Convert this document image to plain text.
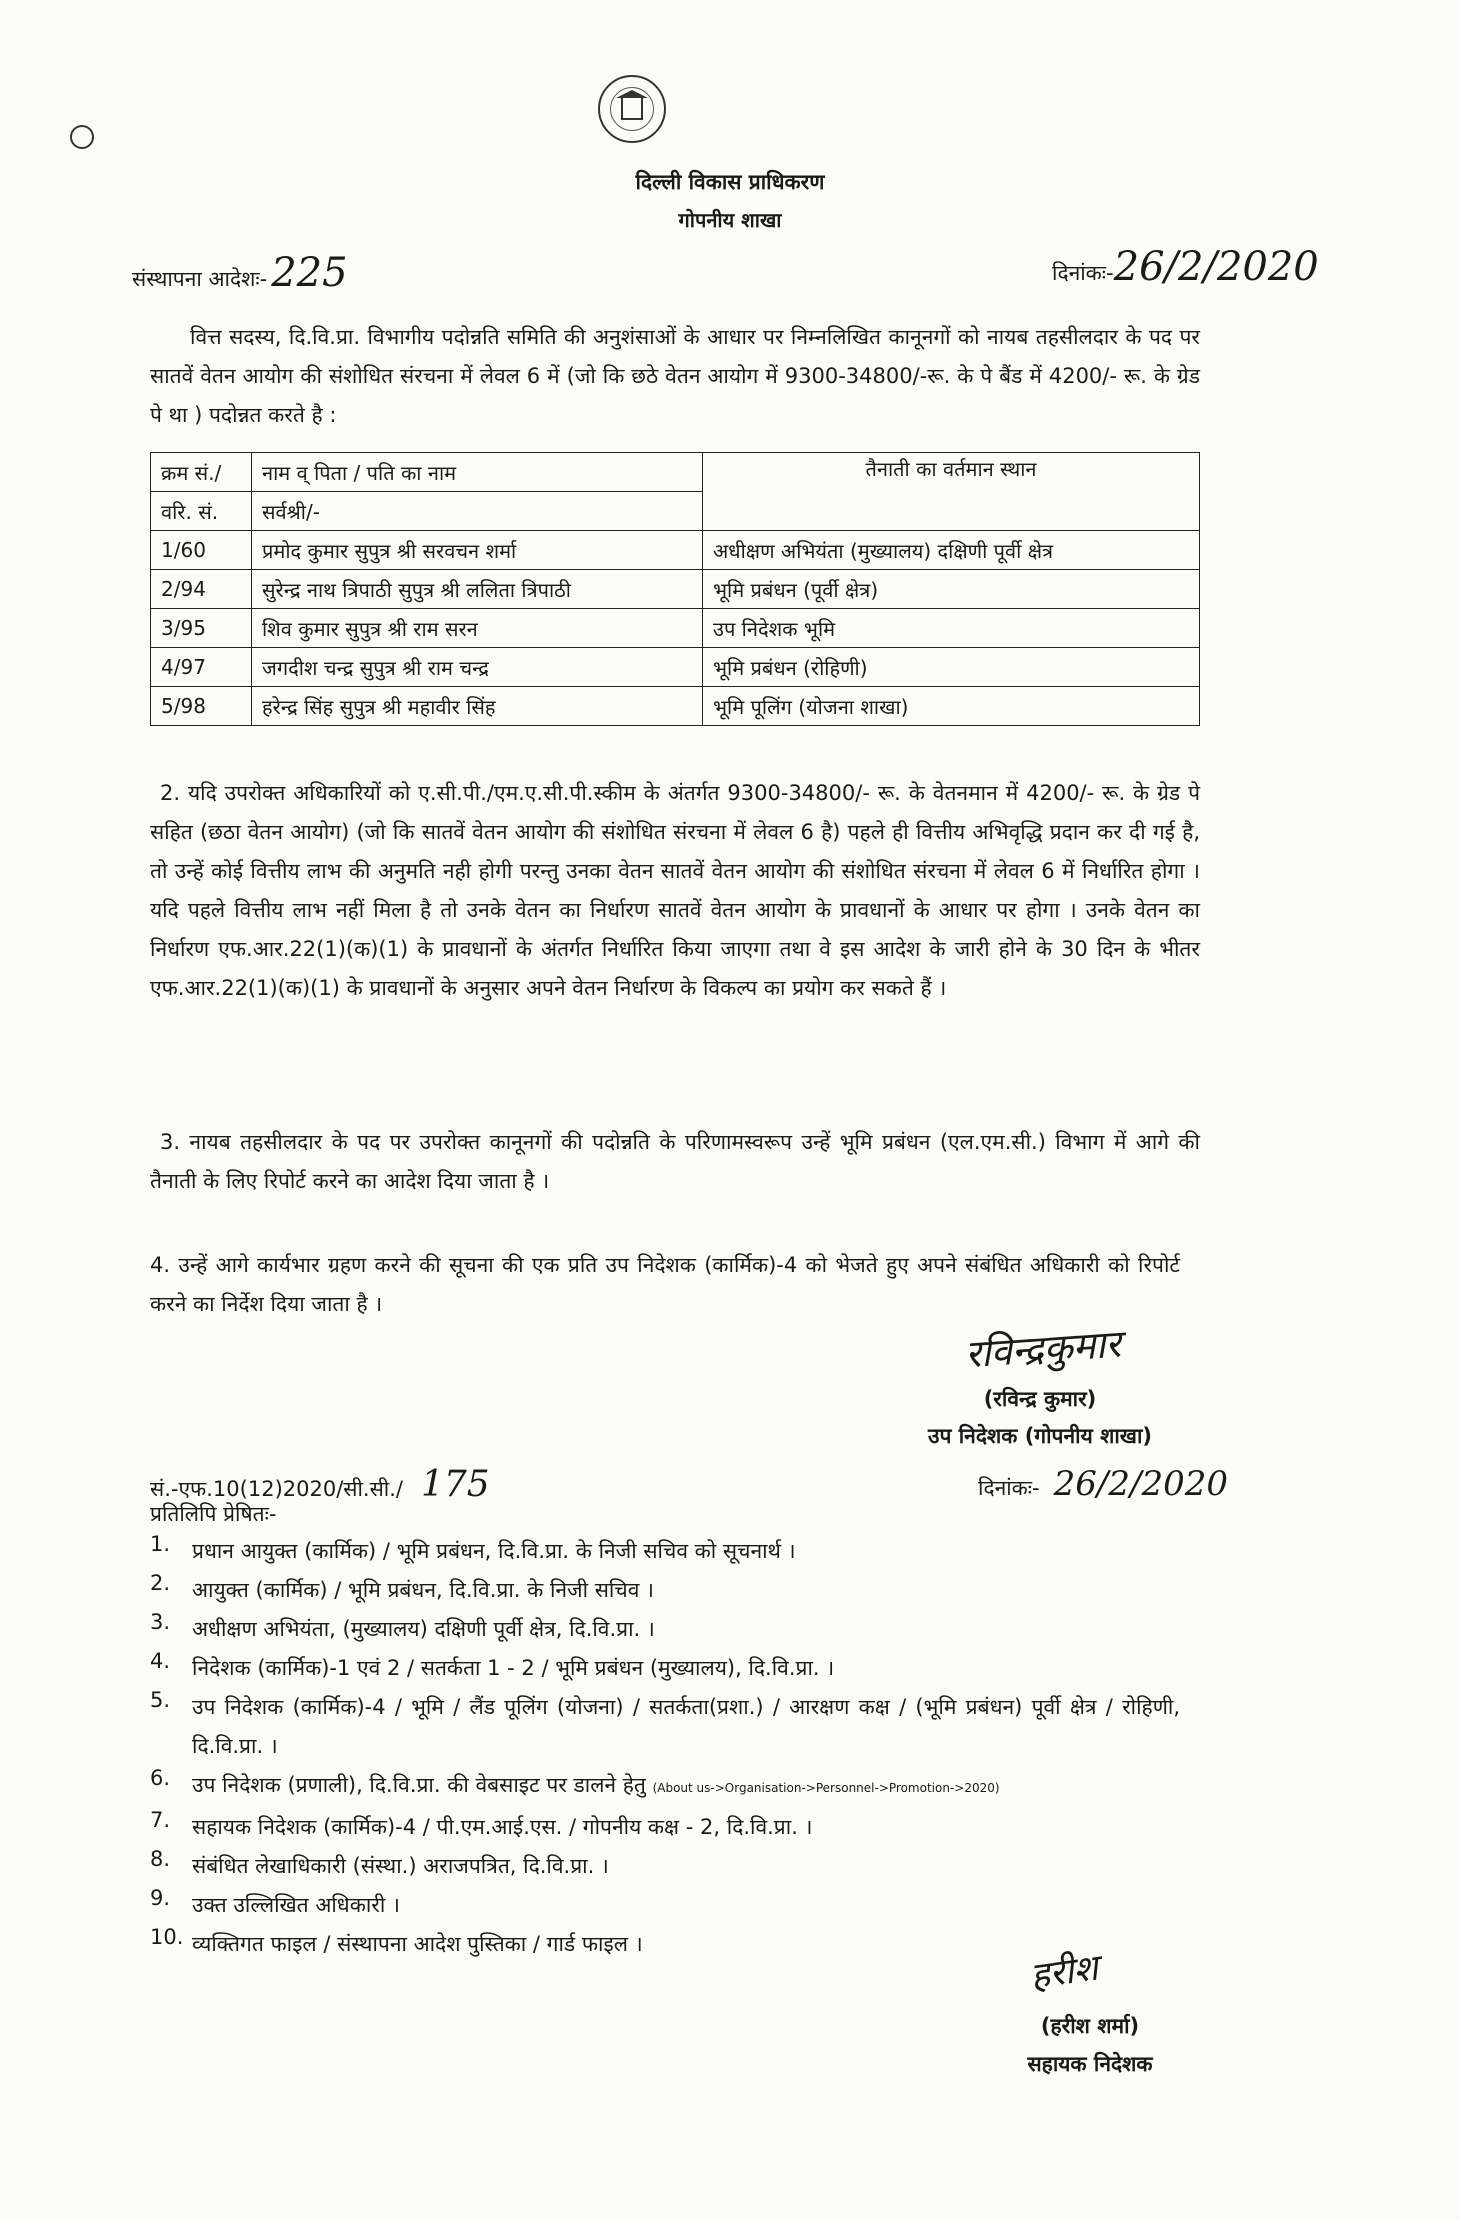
दिल्ली विकास प्राधिकरण
गोपनीय शाखा
संस्थापना आदेशः- 225	दिनांकः-26/2/2020
वित्त सदस्य, दि.वि.प्रा. विभागीय पदोन्नति समिति की अनुशंसाओं के आधार पर निम्नलिखित कानूनगों को नायब तहसीलदार के पद पर सातवें वेतन आयोग की संशोधित संरचना में लेवल 6 में (जो कि छठे वेतन आयोग में 9300-34800/-रू. के पे बैंड में 4200/- रू. के ग्रेड पे था ) पदोन्नत करते है :
क्रम सं./	नाम व् पिता / पति का नाम	तैनाती का वर्तमान स्थान
वरि. सं.	सर्वश्री/-	
1/60	प्रमोद कुमार सुपुत्र श्री सरवचन शर्मा	अधीक्षण अभियंता (मुख्यालय) दक्षिणी पूर्वी क्षेत्र
2/94	सुरेन्द्र नाथ त्रिपाठी सुपुत्र श्री ललिता त्रिपाठी	भूमि प्रबंधन (पूर्वी क्षेत्र)
3/95	शिव कुमार सुपुत्र श्री राम सरन	उप निदेशक भूमि
4/97	जगदीश चन्द्र सुपुत्र श्री राम चन्द्र	भूमि प्रबंधन (रोहिणी)
5/98	हरेन्द्र सिंह सुपुत्र श्री महावीर सिंह	भूमि पूलिंग (योजना शाखा)
2. यदि उपरोक्त अधिकारियों को ए.सी.पी./एम.ए.सी.पी.स्कीम के अंतर्गत 9300-34800/- रू. के वेतनमान में 4200/- रू. के ग्रेड पे सहित (छठा वेतन आयोग) (जो कि सातवें वेतन आयोग की संशोधित संरचना में लेवल 6 है) पहले ही वित्तीय अभिवृद्धि प्रदान कर दी गई है, तो उन्हें कोई वित्तीय लाभ की अनुमति नही होगी परन्तु उनका वेतन सातवें वेतन आयोग की संशोधित संरचना में लेवल 6 में निर्धारित होगा । यदि पहले वित्तीय लाभ नहीं मिला है तो उनके वेतन का निर्धारण सातवें वेतन आयोग के प्रावधानों के आधार पर होगा । उनके वेतन का निर्धारण एफ.आर.22(1)(क)(1) के प्रावधानों के अंतर्गत निर्धारित किया जाएगा तथा वे इस आदेश के जारी होने के 30 दिन के भीतर एफ.आर.22(1)(क)(1) के प्रावधानों के अनुसार अपने वेतन निर्धारण के विकल्प का प्रयोग कर सकते हैं ।
3. नायब तहसीलदार के पद पर उपरोक्त कानूनगों की पदोन्नति के परिणामस्वरूप उन्हें भूमि प्रबंधन (एल.एम.सी.) विभाग में आगे की तैनाती के लिए रिपोर्ट करने का आदेश दिया जाता है ।
4. उन्हें आगे कार्यभार ग्रहण करने की सूचना की एक प्रति उप निदेशक (कार्मिक)-4 को भेजते हुए अपने संबंधित अधिकारी को रिपोर्ट करने का निर्देश दिया जाता है ।
रविन्द्रकुमार
(रविन्द्र कुमार)
उप निदेशक (गोपनीय शाखा)
सं.-एफ.10(12)2020/सी.सी./ 175	दिनांकः- 26/2/2020
प्रतिलिपि प्रेषितः-
1.	प्रधान आयुक्त (कार्मिक) / भूमि प्रबंधन, दि.वि.प्रा. के निजी सचिव को सूचनार्थ ।
2.	आयुक्त (कार्मिक) / भूमि प्रबंधन, दि.वि.प्रा. के निजी सचिव ।
3.	अधीक्षण अभियंता, (मुख्यालय) दक्षिणी पूर्वी क्षेत्र, दि.वि.प्रा. ।
4.	निदेशक (कार्मिक)-1 एवं 2 / सतर्कता 1 - 2 / भूमि प्रबंधन (मुख्यालय), दि.वि.प्रा. ।
5.	उप निदेशक (कार्मिक)-4 / भूमि / लैंड पूलिंग (योजना) / सतर्कता(प्रशा.) / आरक्षण कक्ष / (भूमि प्रबंधन) पूर्वी क्षेत्र / रोहिणी, दि.वि.प्रा. ।
6.	उप निदेशक (प्रणाली), दि.वि.प्रा. की वेबसाइट पर डालने हेतु (About us->Organisation->Personnel->Promotion->2020)
7.	सहायक निदेशक (कार्मिक)-4 / पी.एम.आई.एस. / गोपनीय कक्ष - 2, दि.वि.प्रा. ।
8.	संबंधित लेखाधिकारी (संस्था.) अराजपत्रित, दि.वि.प्रा. ।
9.	उक्त उल्लिखित अधिकारी ।
10. व्यक्तिगत फाइल / संस्थापना आदेश पुस्तिका / गार्ड फाइल ।
हरीश
(हरीश शर्मा)
सहायक निदेशक
